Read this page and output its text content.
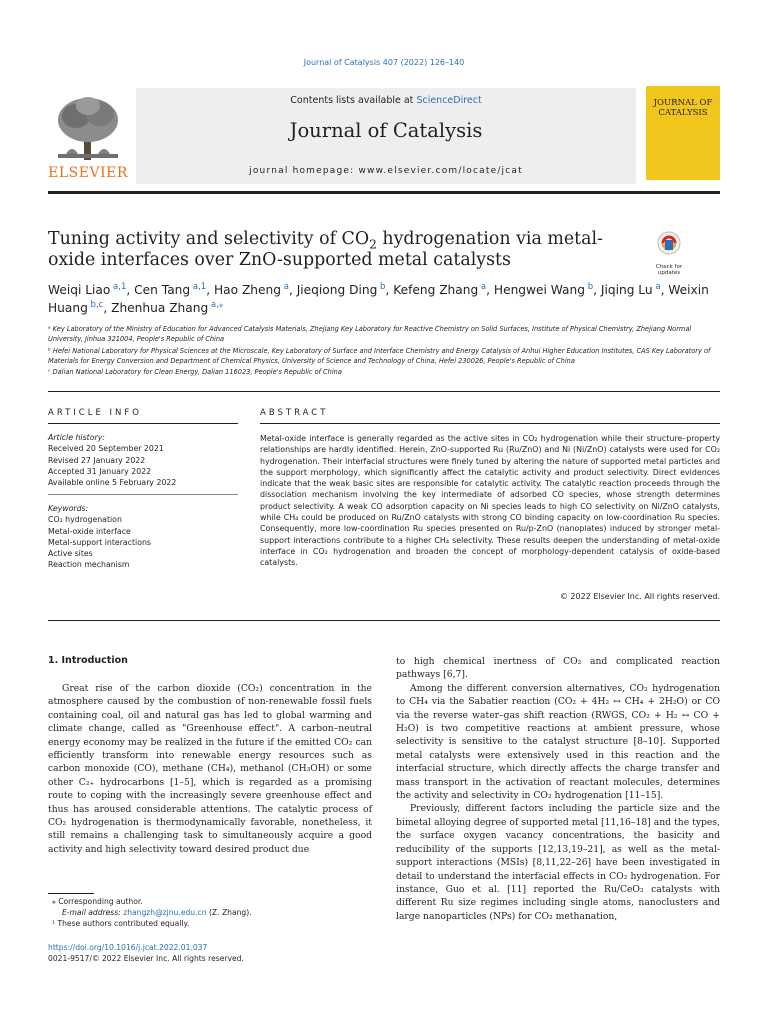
Journal of Catalysis 407 (2022) 126–140
ELSEVIER
Contents lists available at ScienceDirect
Journal of Catalysis
journal homepage: www.elsevier.com/locate/jcat
JOURNAL OF
CATALYSIS
Tuning activity and selectivity of $CO_2$ hydrogenation via metal-oxide interfaces over ZnO-supported metal catalysts	Check for updates
Weiqi Liao $^{a,1}$, Cen Tang $^{a,1}$, Hao Zheng $^a$, Jieqiong Ding $^b$, Kefeng Zhang $^a$, Hengwei Wang $^b$, Jiqing Lu $^a$, Weixin Huang $^{b,c}$, Zhenhua Zhang $^{a,⁎}$
ᵃ Key Laboratory of the Ministry of Education for Advanced Catalysis Materials, Zhejiang Key Laboratory for Reactive Chemistry on Solid Surfaces, Institute of Physical Chemistry, Zhejiang Normal University, Jinhua 321004, People's Republic of China
ᵇ Hefei National Laboratory for Physical Sciences at the Microscale, Key Laboratory of Surface and Interface Chemistry and Energy Catalysis of Anhui Higher Education Institutes, CAS Key Laboratory of Materials for Energy Conversion and Department of Chemical Physics, University of Science and Technology of China, Hefei 230026, People's Republic of China
ᶜ Dalian National Laboratory for Clean Energy, Dalian 116023, People's Republic of China
ARTICLE INFO
Article history:
Received 20 September 2021
Revised 27 January 2022
Accepted 31 January 2022
Available online 5 February 2022
Keywords:
CO₂ hydrogenation
Metal-oxide interface
Metal-support interactions
Active sites
Reaction mechanism
ABSTRACT
Metal-oxide interface is generally regarded as the active sites in CO₂ hydrogenation while their structure–property relationships are hardly identified. Herein, ZnO-supported Ru (Ru/ZnO) and Ni (Ni/ZnO) catalysts were used for CO₂ hydrogenation. Their interfacial structures were finely tuned by altering the nature of supported metal particles and the support morphology, which significantly affect the catalytic activity and product selectivity. Direct evidences indicate that the weak basic sites are responsible for catalytic activity. The catalytic reaction proceeds through the dissociation mechanism involving the key intermediate of adsorbed CO species, whose strength determines product selectivity. A weak CO adsorption capacity on Ni species leads to high CO selectivity on Ni/ZnO catalysts, while CH₄ could be produced on Ru/ZnO catalysts with strong CO binding capacity on low-coordination Ru species. Consequently, more low-coordination Ru species presented on Ru/p-ZnO (nanoplates) induced by stronger metal-support interactions contribute to a higher CH₄ selectivity. These results deepen the understanding of metal-oxide interface in CO₂ hydrogenation and broaden the concept of morphology-dependent catalysis of oxide-based catalysts.
© 2022 Elsevier Inc. All rights reserved.
1. Introduction

Great rise of the carbon dioxide (CO₂) concentration in the atmosphere caused by the combustion of non-renewable fossil fuels containing coal, oil and natural gas has led to global warming and climate change, called as "Greenhouse effect". A carbon–neutral energy economy may be realized in the future if the emitted CO₂ can efficiently transform into renewable energy resources such as carbon monoxide (CO), methane (CH₄), methanol (CH₃OH) or some other C₂₊ hydrocarbons [1–5], which is regarded as a promising route to coping with the increasingly severe greenhouse effect and thus has aroused considerable attentions. The catalytic process of CO₂ hydrogenation is thermodynamically favorable, nonetheless, it still remains a challenging task to simultaneously acquire a good activity and high selectivity toward desired product due

to high chemical inertness of CO₂ and complicated reaction pathways [6,7].

Among the different conversion alternatives, CO₂ hydrogenation to CH₄ via the Sabatier reaction (CO₂ + 4H₂ ↔ CH₄ + 2H₂O) or CO via the reverse water–gas shift reaction (RWGS, CO₂ + H₂ ↔ CO + H₂O) is two competitive reactions at ambient pressure, whose selectivity is sensitive to the catalyst structure [8–10]. Supported metal catalysts were extensively used in this reaction and the interfacial structure, which directly affects the charge transfer and mass transport in the activation of reactant molecules, determines the activity and selectivity in CO₂ hydrogenation [11–15].

Previously, different factors including the particle size and the bimetal alloying degree of supported metal [11,16–18] and the types, the surface oxygen vacancy concentrations, the basicity and reducibility of the supports [12,13,19–21], as well as the metal-support interactions (MSIs) [8,11,22–26] have been investigated in detail to understand the interfacial effects in CO₂ hydrogenation. For instance, Guo et al. [11] reported the Ru/CeO₂ catalysts with different Ru size regimes including single atoms, nanoclusters and large nanoparticles (NPs) for CO₂ methanation,

⁎ Corresponding author.
E-mail address: zhangzh@zjnu.edu.cn (Z. Zhang).
¹ These authors contributed equally.
https://doi.org/10.1016/j.jcat.2022.01.037
0021-9517/© 2022 Elsevier Inc. All rights reserved.
